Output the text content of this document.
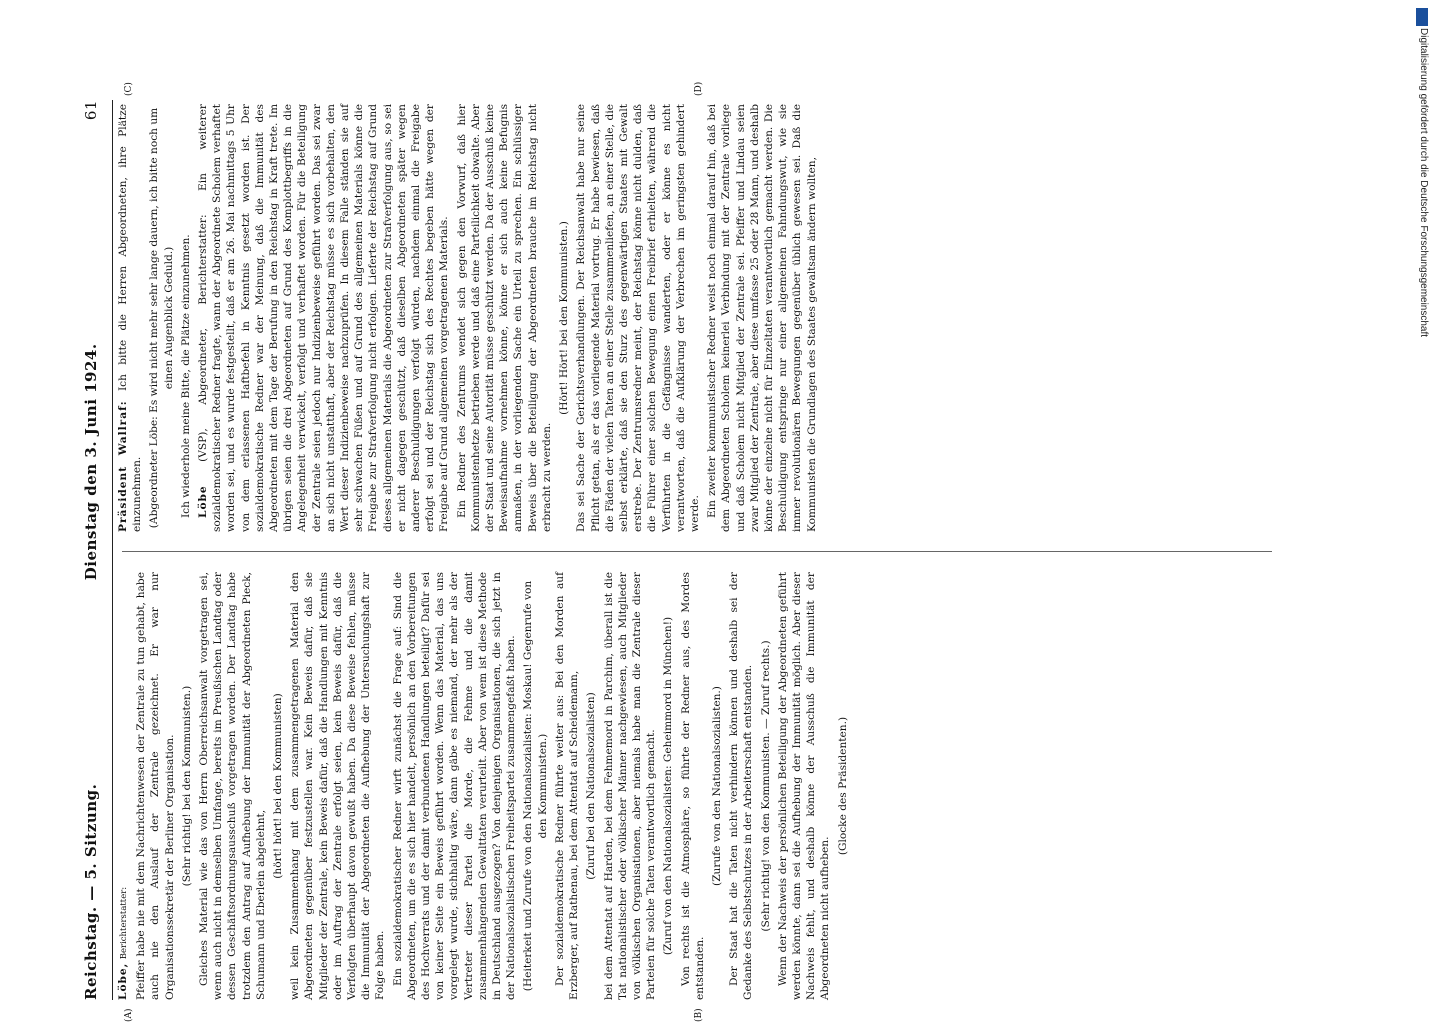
Reichstag. — 5. Sitzung.
Dienstag den 3. Juni 1924.
61
(A)	(B)
(C)	(D)

Löbe, Berichterstatter: Pfeiffer habe nie mit dem Nachrichtenwesen der Zentrale zu tun gehabt, habe auch nie den Auslauf der Zentrale gezeichnet. Er war nur Organisationssekretär der Berliner Organisation. (Sehr richtig! bei den Kommunisten.) Gleiches Material wie das von Herrn Oberreichsanwalt vorgetragen sei, wenn auch nicht in demselben Umfange, bereits im Preußischen Landtag oder dessen Geschäftsordnungsausschuß vorgetragen worden. Der Landtag habe trotzdem den Antrag auf Aufhebung der Immunität der Abgeordneten Pieck, Schumann und Eberlein abgelehnt,

(hört! hört! bei den Kommunisten) weil kein Zusammenhang mit dem zusammengetragenen Material den Abgeordneten gegenüber festzustellen war. Kein Beweis dafür, daß sie Mitglieder der Zentrale, kein Beweis dafür, daß die Handlungen mit Kenntnis oder im Auftrag der Zentrale erfolgt seien, kein Beweis dafür, daß die Verfolgten überhaupt davon gewußt haben. Da diese Beweise fehlen, müsse die Immunität der Abgeordneten die Aufhebung der Untersuchungshaft zur Folge haben. Ein sozialdemokratischer Redner wirft zunächst die Frage auf: Sind die Abgeordneten, um die es sich hier handelt, persönlich an den Vorbereitungen des Hochverrats und der damit verbundenen Handlungen beteiligt? Dafür sei von keiner Seite ein Beweis geführt worden. Wenn das Material, das uns vorgelegt wurde, stichhaltig wäre, dann gäbe es niemand, der mehr als der Vertreter dieser Partei die Morde, die Fehme und die damit zusammenhängenden Gewalttaten verurteilt. Aber von wem ist diese Methode in Deutschland ausgezogen? Von denjenigen Organisationen, die sich jetzt in der Nationalsozialistischen Freiheitspartei zusammengefaßt haben. (Heiterkeit und Zurufe von den Nationalsozialisten: Moskau! Gegenrufe von den Kommunisten.) Der sozialdemokratische Redner führte weiter aus: Bei den Morden auf Erzberger, auf Rathenau, bei dem Attentat auf Scheidemann, (Zuruf bei den Nationalsozialisten) bei dem Attentat auf Harden, bei dem Fehmemord in Parchim, überall ist die Tat nationalistischer oder völkischer Männer nachgewiesen, auch Mitglieder von völkischen Organisationen, aber niemals habe man die Zentrale dieser Parteien für solche Taten verantwortlich gemacht. (Zuruf von den Nationalsozialisten: Geheimmord in München!) Von rechts ist die Atmosphäre, so führte der Redner aus, des Mordes entstanden.

(Zurufe von den Nationalsozialisten.) Der Staat hat die Taten nicht verhindern können und deshalb sei der Gedanke des Selbstschutzes in der Arbeiterschaft entstanden. (Sehr richtig! von den Kommunisten. — Zuruf rechts.) Wenn der Nachweis der persönlichen Beteiligung der Abgeordneten geführt werden könnte, dann sei die Aufhebung der Immunität möglich. Aber dieser Nachweis fehlt, und deshalb könne der Ausschuß die Immunität der Abgeordneten nicht aufheben.

(Glocke des Präsidenten.)

Präsident Wallraf: Ich bitte die Herren Abgeordneten, ihre Plätze einzunehmen. (Abgeordneter Löbe: Es wird nicht mehr sehr lange dauern, ich bitte noch um einen Augenblick Geduld.) Ich wiederhole meine Bitte, die Plätze einzunehmen. Löbe (VSP), Abgeordneter, Berichterstatter: Ein weiterer sozialdemokratischer Redner fragte, wann der Abgeordnete Scholem verhaftet worden sei, und es wurde festgestellt, daß er am 26. Mai nachmittags 5 Uhr von dem erlassenen Haftbefehl in Kenntnis gesetzt worden ist. Der sozialdemokratische Redner war der Meinung, daß die Immunität des Abgeordneten mit dem Tage der Berufung in den Reichstag in Kraft trete. Im übrigen seien die drei Abgeordneten auf Grund des Komplottbegriffs in die Angelegenheit verwickelt, verfolgt und verhaftet worden. Für die Beteiligung der Zentrale seien jedoch nur Indizienbeweise geführt worden. Das sei zwar an sich nicht unstatthaft, aber der Reichstag müsse es sich vorbehalten, den Wert dieser Indizienbeweise nachzuprüfen. In diesem Falle ständen sie auf sehr schwachen Füßen und auf Grund des allgemeinen Materials könne die Freigabe zur Strafverfolgung nicht erfolgen. Lieferte der Reichstag auf Grund dieses allgemeinen Materials die Abgeordneten zur Strafverfolgung aus, so sei er nicht dagegen geschützt, daß dieselben Abgeordneten später wegen anderer Beschuldigungen verfolgt würden, nachdem einmal die Freigabe erfolgt sei und der Reichstag sich des Rechtes begeben hätte wegen der Freigabe auf Grund allgemeinen vorgetragenen Materials. Ein Redner des Zentrums wendet sich gegen den Vorwurf, daß hier Kommunistenhetze betrieben werde und daß eine Parteilichkeit obwalte. Aber der Staat und seine Autorität müsse geschützt werden. Da der Ausschuß keine Beweisaufnahme vornehmen könne, könne er sich auch keine Befugnis anmaßen, in der vorliegenden Sache ein Urteil zu sprechen. Ein schlüssiger Beweis über die Beteiligung der Abgeordneten brauche im Reichstag nicht erbracht zu werden.

(Hört! Hört! bei den Kommunisten.) Das sei Sache der Gerichtsverhandlungen. Der Reichsanwalt habe nur seine Pflicht getan, als er das vorliegende Material vortrug. Er habe bewiesen, daß die Fäden der vielen Taten an einer Stelle zusammenliefen, an einer Stelle, die selbst erklärte, daß sie den Sturz des gegenwärtigen Staates mit Gewalt erstrebe. Der Zentrumsredner meint, der Reichstag könne nicht dulden, daß die Führer einer solchen Bewegung einen Freibrief erhielten, während die Verführten in die Gefängnisse wanderten, oder er könne es nicht verantworten, daß die Aufklärung der Verbrechen im geringsten gehindert werde. Ein zweiter kommunistischer Redner weist noch einmal darauf hin, daß bei dem Abgeordneten Scholem keinerlei Verbindung mit der Zentrale vorliege und daß Scholem nicht Mitglied der Zentrale sei. Pfeiffer und Lindau seien zwar Mitglied der Zentrale, aber diese umfasse 25 oder 28 Mann, und deshalb könne der einzelne nicht für Einzeltaten verantwortlich gemacht werden. Die Beschuldigung entspringe nur einer allgemeinen Fahndungswut, wie sie immer revolutionären Bewegungen gegenüber üblich gewesen sei. Daß die Kommunisten die Grundlagen des Staates gewaltsam ändern wollten,	Digitalisierung gefördert durch die Deutsche Forschungsgemeinschaft
